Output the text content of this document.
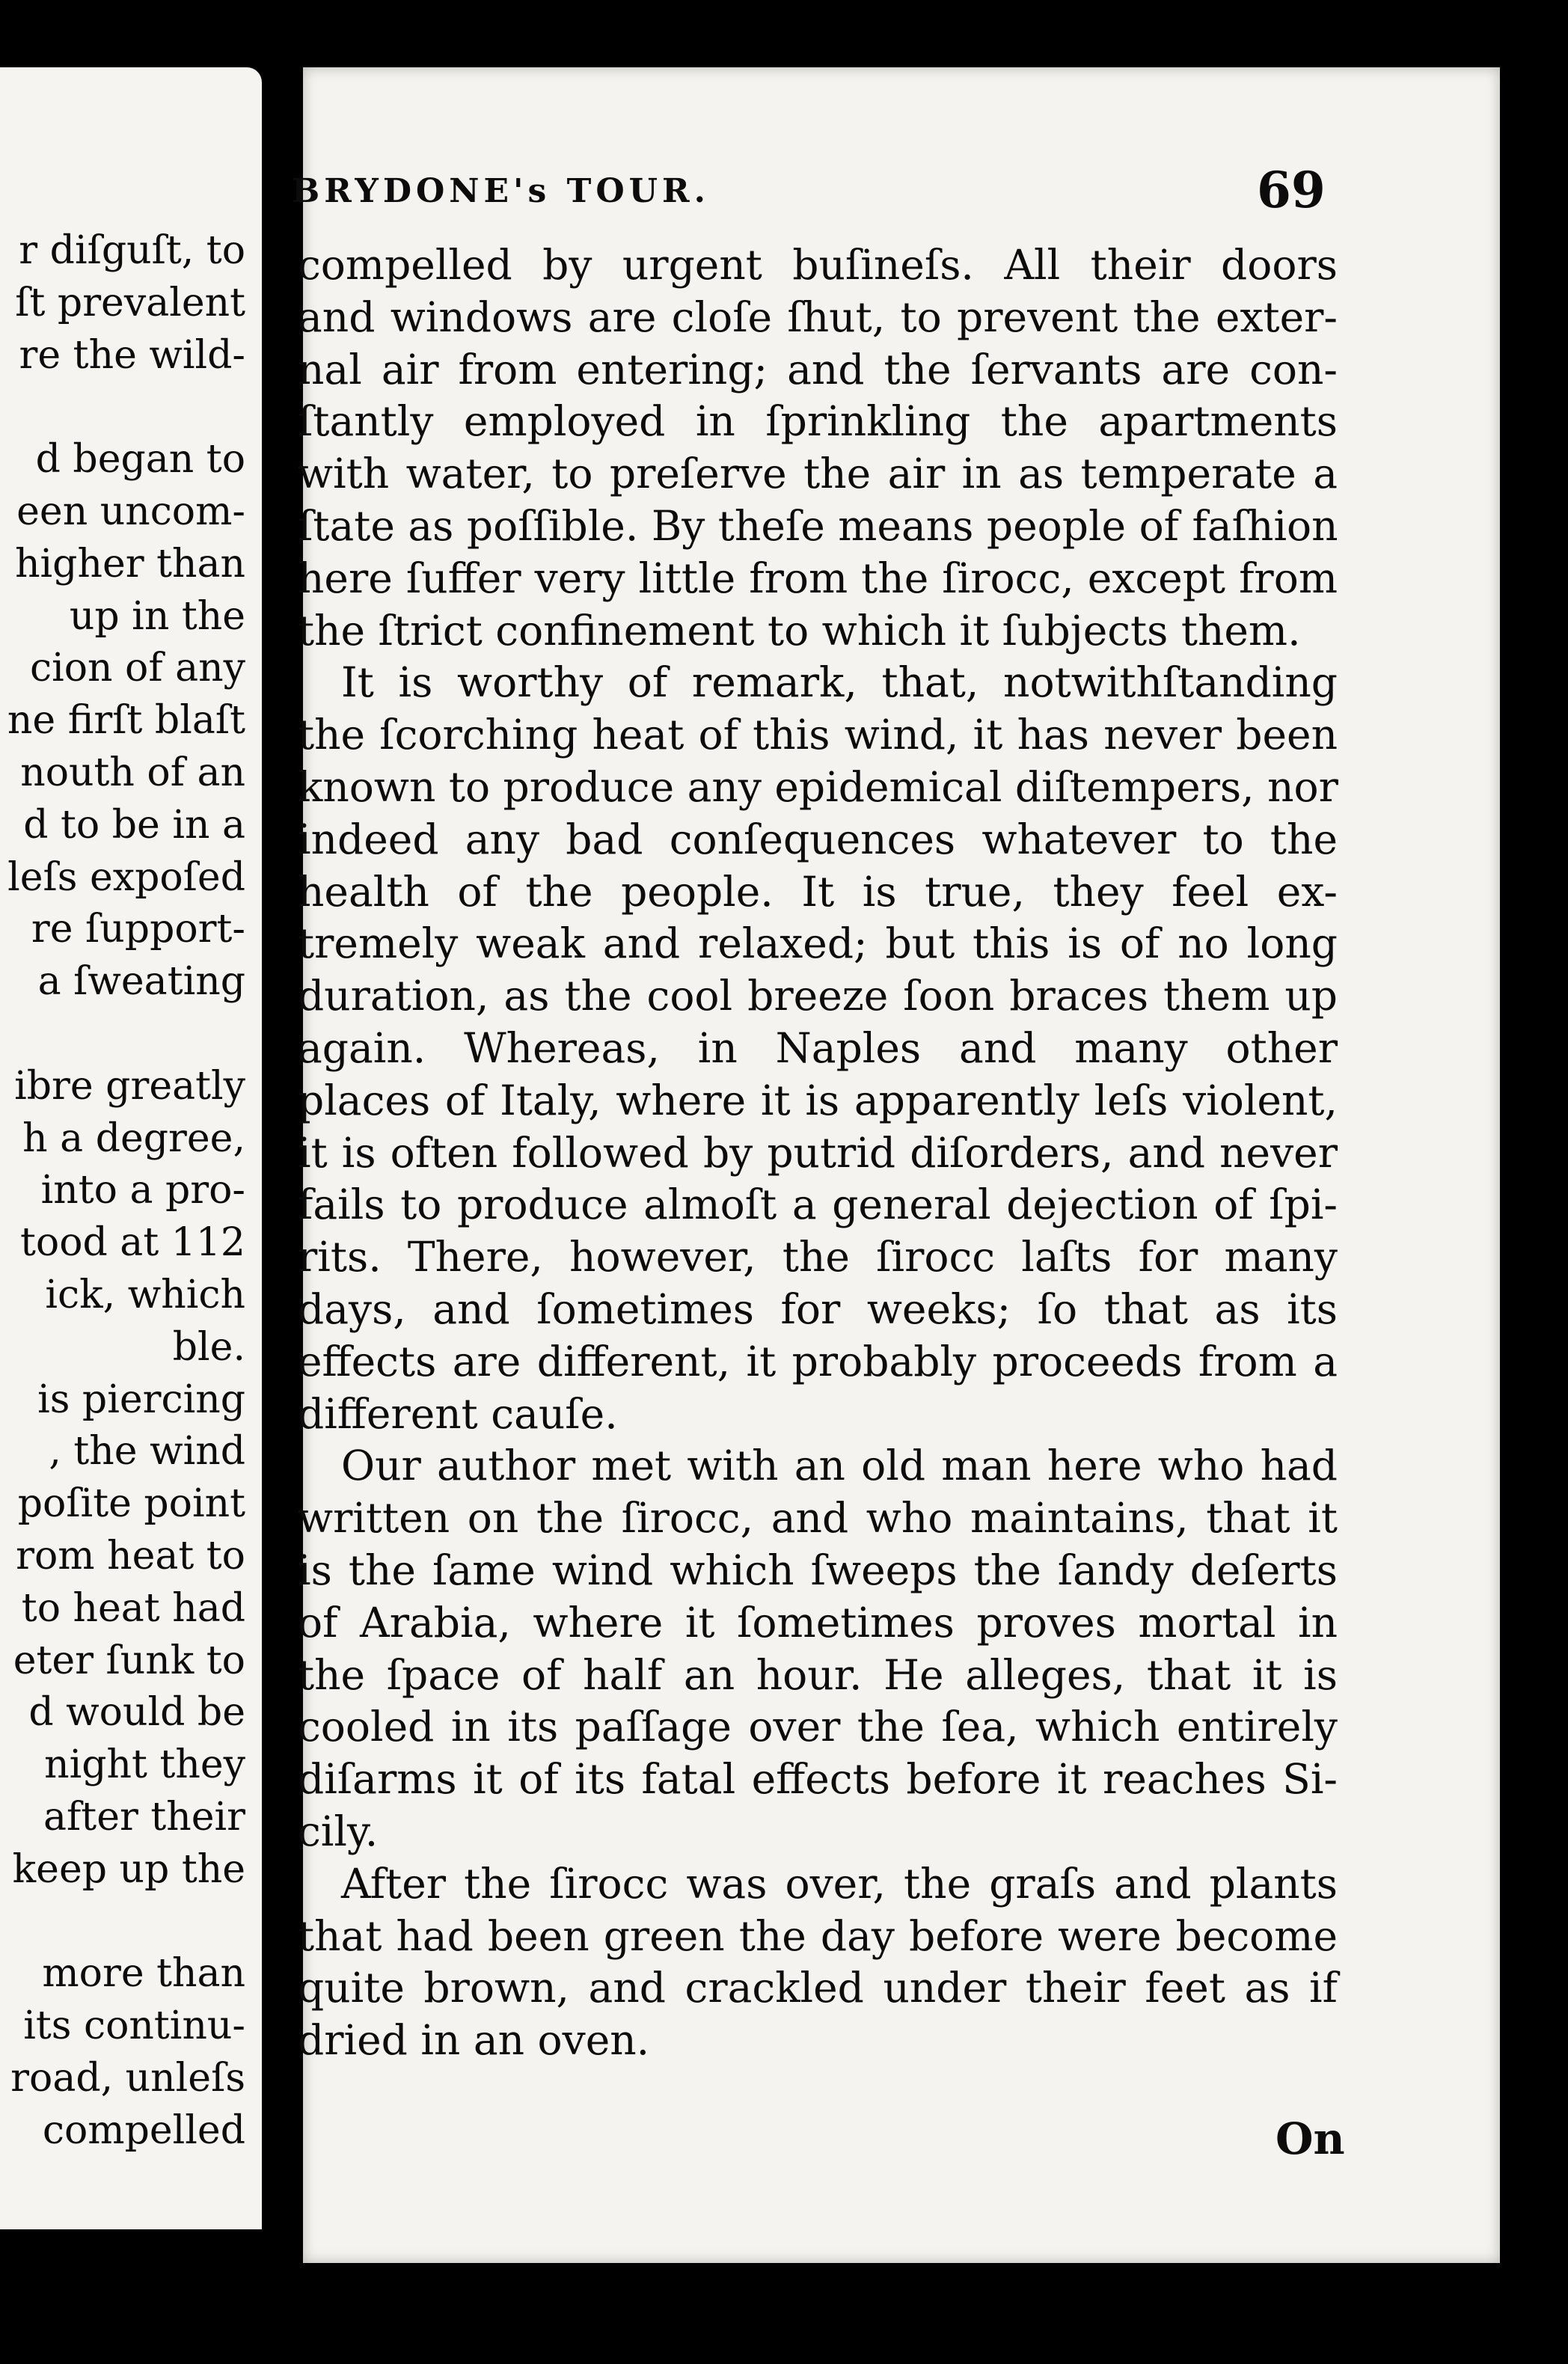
r diſguſt, to
ſt prevalent
re the wild-
d began to
een uncom-
higher than
up in the
cion of any
ne firſt blaſt
nouth of an
d to be in a
leſs expoſed
re ſupport-
a ſweating
ibre greatly
h a degree,
into a pro-
tood at 112
ick, which
ble.
is piercing
, the wind
poſite point
rom heat to
to heat had
eter ſunk to
d would be
night they
after their
keep up the
more than
its continu-
road, unleſs
compelled
BRYDONE's TOUR.	69
compelled by urgent buſineſs. All their doors
and windows are cloſe ſhut, to prevent the exter-
nal air from entering; and the ſervants are con-
ſtantly employed in ſprinkling the apartments
with water, to preſerve the air in as temperate a
ſtate as poſſible. By theſe means people of faſhion
here ſuffer very little from the ſirocc, except from
the ſtrict confinement to which it ſubjects them.
It is worthy of remark, that, notwithſtanding
the ſcorching heat of this wind, it has never been
known to produce any epidemical diſtempers, nor
indeed any bad conſequences whatever to the
health of the people. It is true, they feel ex-
tremely weak and relaxed; but this is of no long
duration, as the cool breeze ſoon braces them up
again. Whereas, in Naples and many other
places of Italy, where it is apparently leſs violent,
it is often followed by putrid diſorders, and never
fails to produce almoſt a general dejection of ſpi-
rits. There, however, the ſirocc laſts for many
days, and ſometimes for weeks; ſo that as its
effects are different, it probably proceeds from a
different cauſe.
Our author met with an old man here who had
written on the ſirocc, and who maintains, that it
is the ſame wind which ſweeps the ſandy deſerts
of Arabia, where it ſometimes proves mortal in
the ſpace of half an hour. He alleges, that it is
cooled in its paſſage over the ſea, which entirely
diſarms it of its fatal effects before it reaches Si-
cily.
After the ſirocc was over, the graſs and plants
that had been green the day before were become
quite brown, and crackled under their feet as if
dried in an oven.
On
